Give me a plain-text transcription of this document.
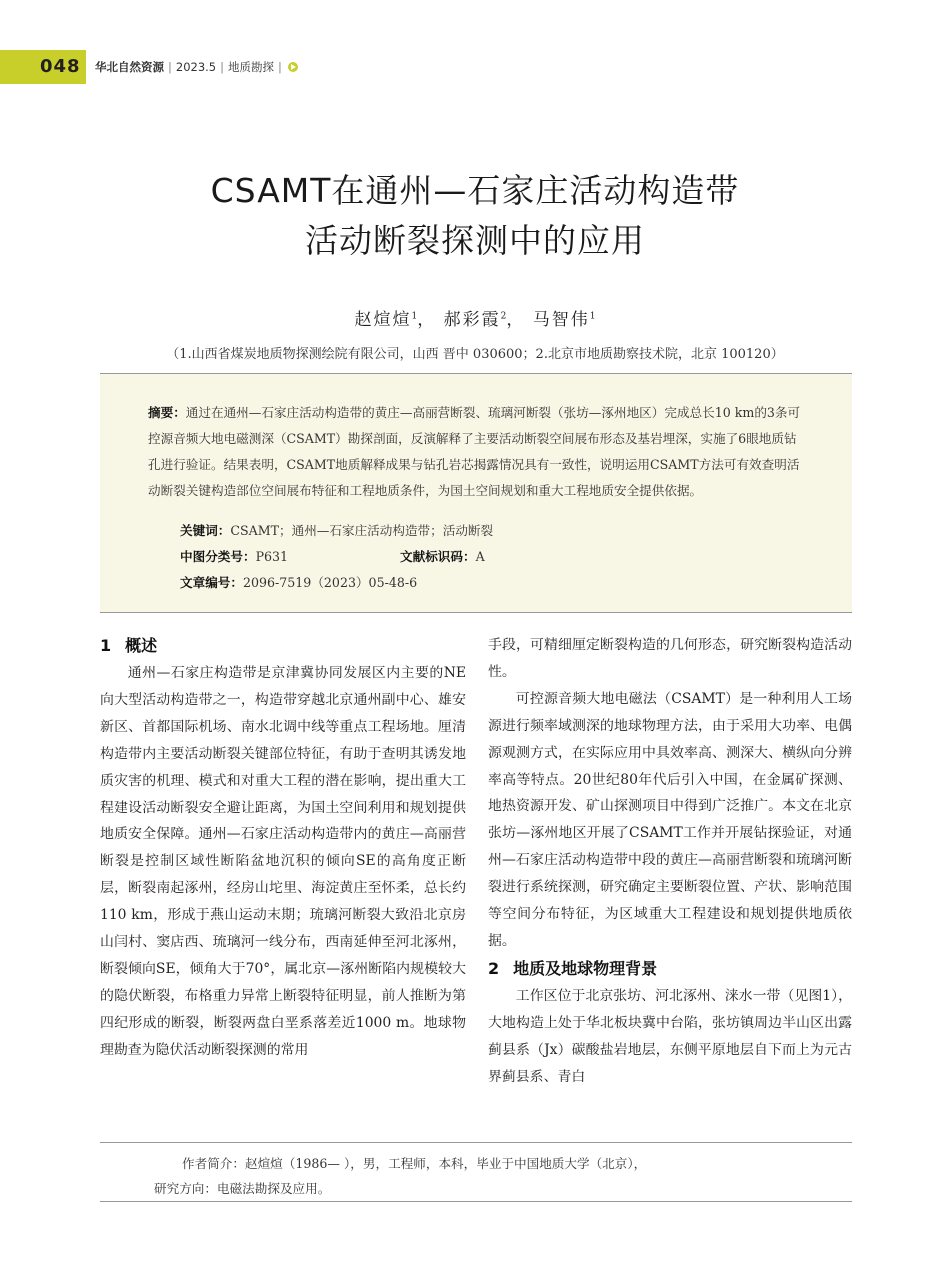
048 华北自然资源 | 2023.5 | 地质勘探 |
CSAMT在通州—石家庄活动构造带
活动断裂探测中的应用
赵煊煊$^1$， 郝彩霞$^2$， 马智伟$^1$
（1.山西省煤炭地质物探测绘院有限公司，山西 晋中 030600；2.北京市地质勘察技术院，北京 100120）
摘要：通过在通州—石家庄活动构造带的黄庄—高丽营断裂、琉璃河断裂（张坊—涿州地区）完成总长10 km的3条可控源音频大地电磁测深（CSAMT）勘探剖面，反演解释了主要活动断裂空间展布形态及基岩埋深，实施了6眼地质钻孔进行验证。结果表明，CSAMT地质解释成果与钻孔岩芯揭露情况具有一致性，说明运用CSAMT方法可有效查明活动断裂关键构造部位空间展布特征和工程地质条件，为国土空间规划和重大工程地质安全提供依据。
关键词：CSAMT；通州—石家庄活动构造带；活动断裂
中图分类号：P631	文献标识码：A
文章编号：2096-7519（2023）05-48-6
1 概述

通州—石家庄构造带是京津冀协同发展区内主要的NE向大型活动构造带之一，构造带穿越北京通州副中心、雄安新区、首都国际机场、南水北调中线等重点工程场地。厘清构造带内主要活动断裂关键部位特征，有助于查明其诱发地质灾害的机理、模式和对重大工程的潜在影响，提出重大工程建设活动断裂安全避让距离，为国土空间利用和规划提供地质安全保障。通州—石家庄活动构造带内的黄庄—高丽营断裂是控制区域性断陷盆地沉积的倾向SE的高角度正断层，断裂南起涿州，经房山坨里、海淀黄庄至怀柔，总长约110 km，形成于燕山运动末期；琉璃河断裂大致沿北京房山闫村、窦店西、琉璃河一线分布，西南延伸至河北涿州，断裂倾向SE，倾角大于70°，属北京—涿州断陷内规模较大的隐伏断裂，布格重力异常上断裂特征明显，前人推断为第四纪形成的断裂，断裂两盘白垩系落差近1000 m。地球物理勘查为隐伏活动断裂探测的常用

手段，可精细厘定断裂构造的几何形态，研究断裂构造活动性。

可控源音频大地电磁法（CSAMT）是一种利用人工场源进行频率域测深的地球物理方法，由于采用大功率、电偶源观测方式，在实际应用中具效率高、测深大、横纵向分辨率高等特点。20世纪80年代后引入中国，在金属矿探测、地热资源开发、矿山探测项目中得到广泛推广。本文在北京张坊—涿州地区开展了CSAMT工作并开展钻探验证，对通州—石家庄活动构造带中段的黄庄—高丽营断裂和琉璃河断裂进行系统探测，研究确定主要断裂位置、产状、影响范围等空间分布特征，为区域重大工程建设和规划提供地质依据。

2 地质及地球物理背景

工作区位于北京张坊、河北涿州、涞水一带（见图1），大地构造上处于华北板块冀中台陷，张坊镇周边半山区出露蓟县系（Jx）碳酸盐岩地层，东侧平原地层自下而上为元古界蓟县系、青白

作者简介：赵煊煊（1986— ），男，工程师，本科，毕业于中国地质大学（北京），
研究方向：电磁法勘探及应用。
